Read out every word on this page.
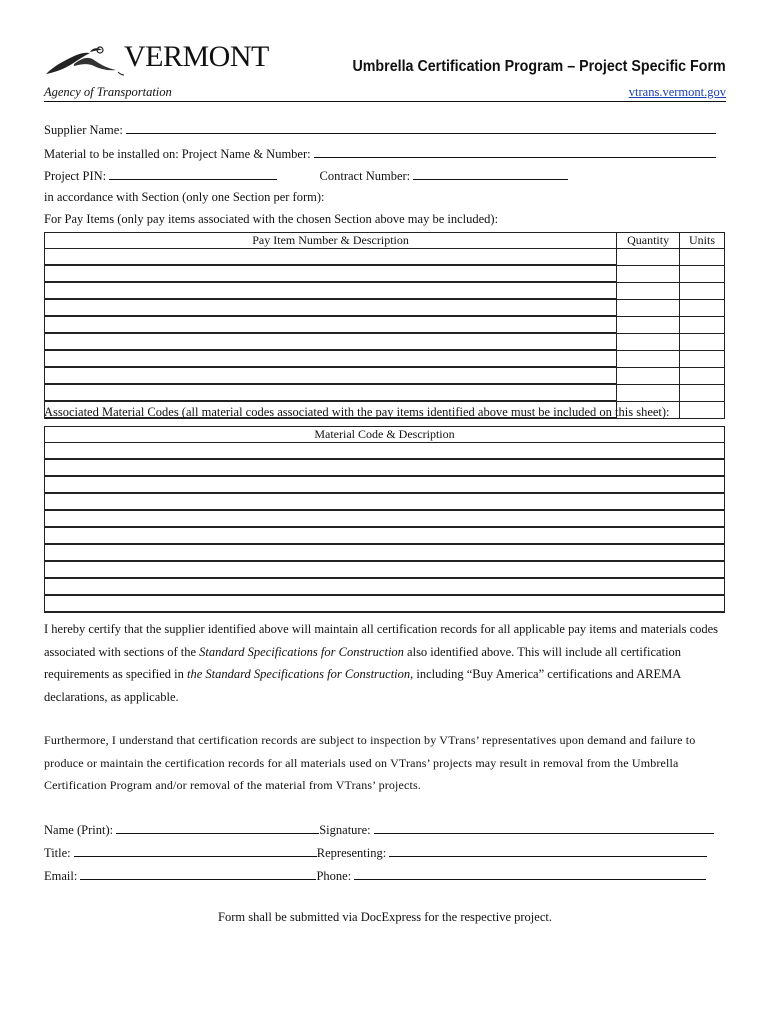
VERMONT	Umbrella Certification Program – Project Specific Form
Agency of Transportation	vtrans.vermont.gov
Supplier Name:
Material to be installed on: Project Name & Number:
Project PIN:	Contract Number:
in accordance with Section (only one Section per form):
For Pay Items (only pay items associated with the chosen Section above may be included):
Pay Item Number & Description	Quantity	Units

Associated Material Codes (all material codes associated with the pay items identified above must be included on this sheet):
Material Code & Description

I hereby certify that the supplier identified above will maintain all certification records for all applicable pay items and materials codes associated with sections of the Standard Specifications for Construction also identified above. This will include all certification requirements as specified in the Standard Specifications for Construction, including “Buy America” certifications and AREMA declarations, as applicable.
Furthermore, I understand that certification records are subject to inspection by VTrans’ representatives upon demand and failure to produce or maintain the certification records for all materials used on VTrans’ projects may result in removal from the Umbrella Certification Program and/or removal of the material from VTrans’ projects.
Name (Print):	Signature:
Title:	Representing:
Email:	Phone:
Form shall be submitted via DocExpress for the respective project.
